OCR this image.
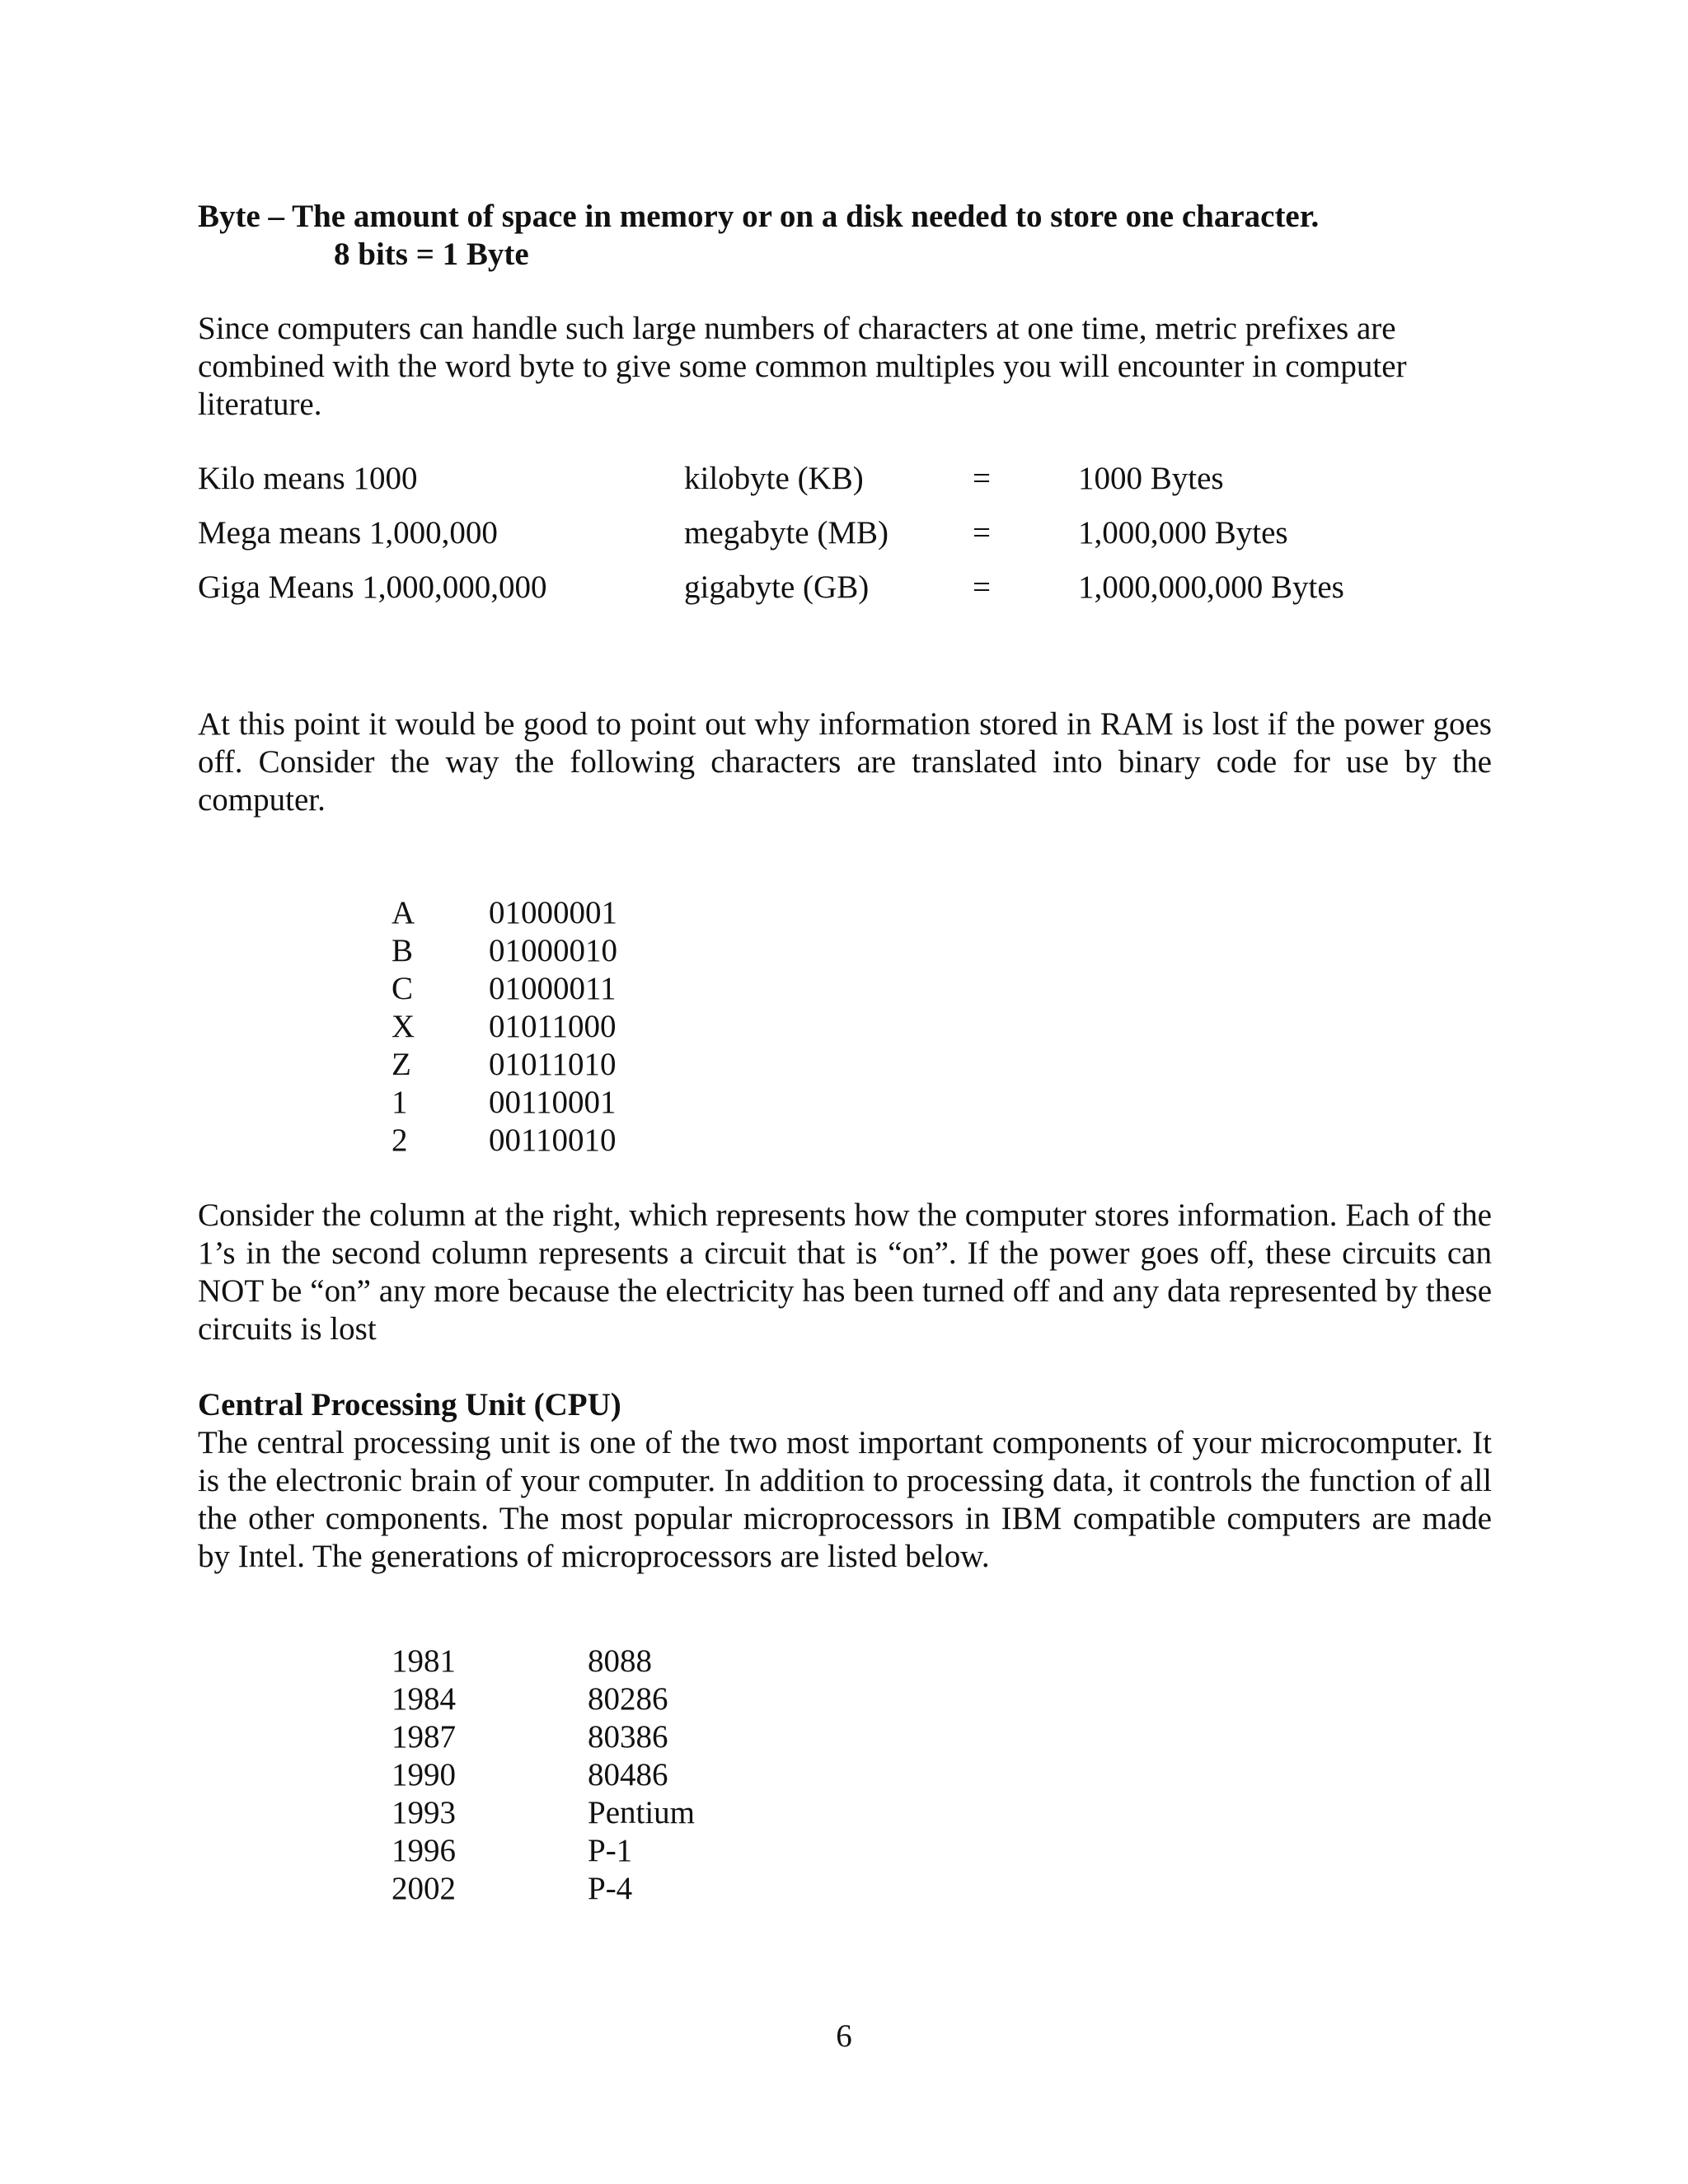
Byte – The amount of space in memory or on a disk needed to store one character.
8 bits = 1 Byte
Since computers can handle such large numbers of characters at one time, metric prefixes are combined with the word byte to give some common multiples you will encounter in computer literature.
Kilo means 1000	kilobyte (KB)	=	1000 Bytes
Mega means 1,000,000	megabyte (MB)	=	1,000,000 Bytes
Giga Means 1,000,000,000	gigabyte (GB)	=	1,000,000,000 Bytes
At this point it would be good to point out why information stored in RAM is lost if the power goes off. Consider the way the following characters are translated into binary code for use by the computer.
A	01000001
B	01000010
C	01000011
X	01011000
Z	01011010
1	00110001
2	00110010
Consider the column at the right, which represents how the computer stores information. Each of the 1’s in the second column represents a circuit that is “on”. If the power goes off, these circuits can NOT be “on” any more because the electricity has been turned off and any data represented by these circuits is lost
Central Processing Unit (CPU)
The central processing unit is one of the two most important components of your microcomputer. It is the electronic brain of your computer. In addition to processing data, it controls the function of all the other components. The most popular microprocessors in IBM compatible computers are made by Intel. The generations of microprocessors are listed below.
1981	8088
1984	80286
1987	80386
1990	80486
1993	Pentium
1996	P-1
2002	P-4
6
